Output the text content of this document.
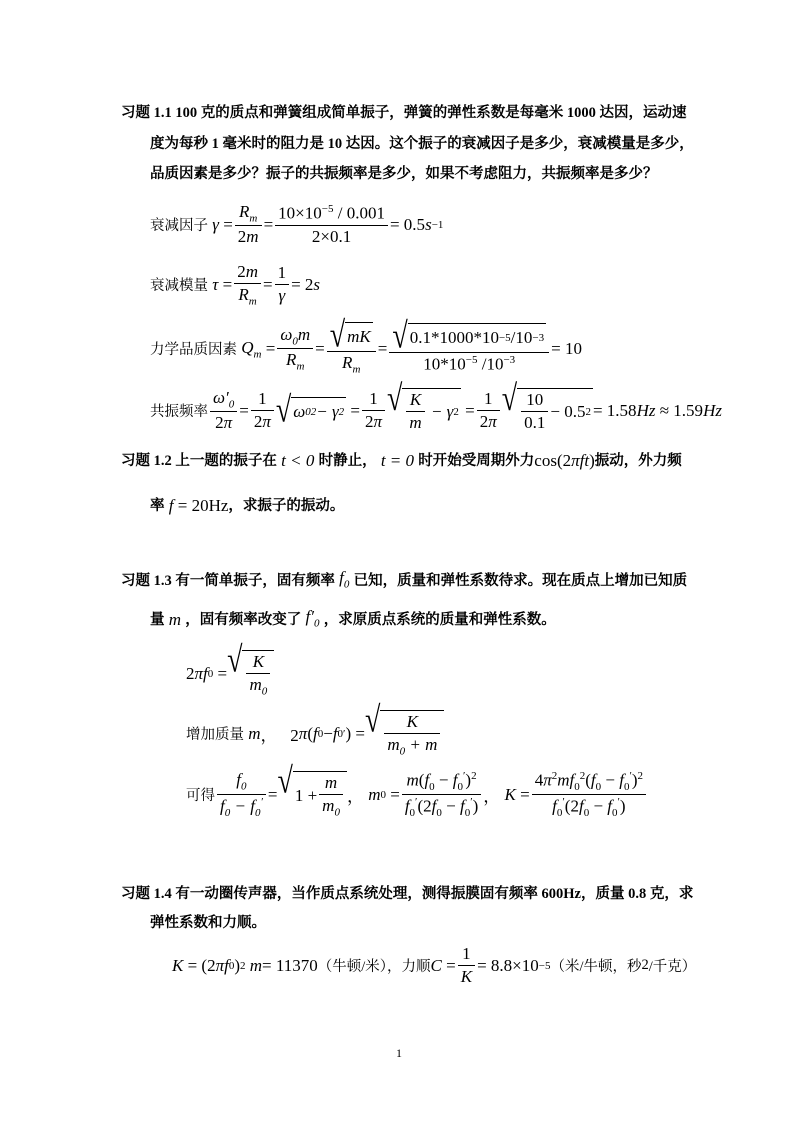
习题 1.1 100 克的质点和弹簧组成简单振子，弹簧的弹性系数是每毫米 1000 达因，运动速
度为每秒 1 毫米时的阻力是 10 达因。这个振子的衰减因子是多少，衰减模量是多少，
品质因素是多少？振子的共振频率是多少，如果不考虑阻力，共振频率是多少？
衰减因子 $\gamma = \frac{R_m}{2m} = \frac{10\times 10^{-5} / 0.001}{2\times 0.1} = 0.5$ s −1
衰减模量 $\tau = \frac{2m}{R_m} = \frac{1}{\gamma} = 2$ s
力学品质因素 $Q_m = \frac{\omega_0m}{R_m} = \frac{√ mK}{R_m} = \frac{√ 0.1*1000*10 -5 /10 -3}{10*10^{-5} /10^{-3}} = 10$
共振频率 $\frac{\omega'_0}{2\pi} = \frac{1}{2\pi}$ √ ω 0 2 − γ $2 = \frac{1}{2\pi}$ √ $\frac{K}{m} - \gamma$ $2 = \frac{1}{2\pi}$ √ $\frac{10}{0.1} - 0.5$ 2 = 1.58 Hz
≈ 1.59 Hz
习题 1.2 上一题的振子在 t < 0 时静止， t = 0 时开始受周期外力 cos(2πft) 振动，外力频
率 f = 20Hz ，求振子的振动。
习题 1.3 有一简单振子，固有频率 $f_0$ 已知，质量和弹性系数待求。现在质点上增加已知质
量 m ，固有频率改变了 $f'_0$ ，求原质点系统的质量和弹性系数。
2 πf 0 = √ $\frac{K}{m_0}$
增加质量 m ，   2 π ( f 0 − f 0 ′ ) = √ $\frac{K}{m_0 + m}$
可得 $\frac{f_0}{f_0 - f_0'}$ = √ $1 + \frac{m}{m_0}$ ， m $0 = \frac{m(f_0 - f_0')^2}{f_0'(2f_0 - f_0')}$ ， $K = \frac{4\pi^2mf_0^2(f_0 - f_0')^2}{f_0'(2f_0 - f_0')}$
习题 1.4 有一动圈传声器，当作质点系统处理，测得振膜固有频率 600Hz，质量 0.8 克，求
弹性系数和力顺。
K = (2 πf 0 ) 2
m = 11370 （牛顿/米），力顺 $C = \frac{1}{K} = 8.8\times 10 -5$ （米/牛顿，秒 2 /千克）
1
